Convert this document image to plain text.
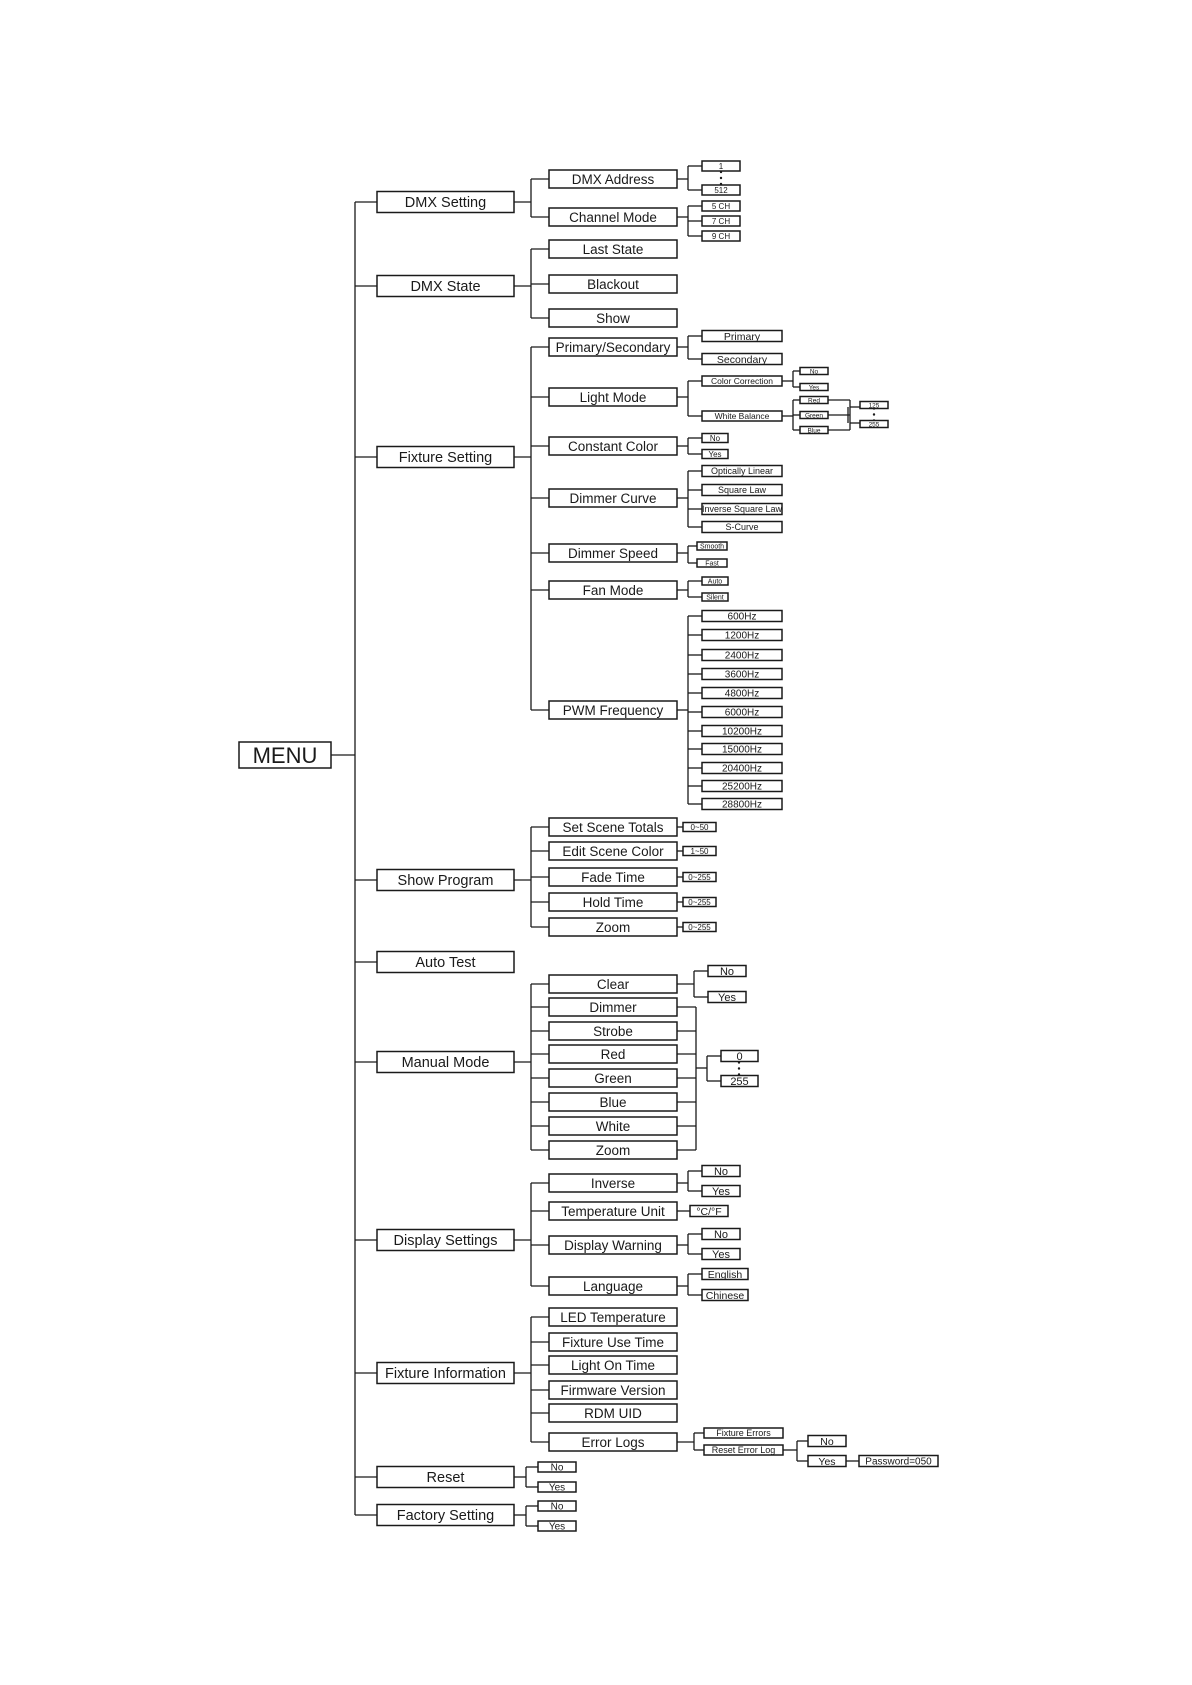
MENU
DMX Setting
DMX State
Fixture Setting
Show Program
Auto Test
Manual Mode
Display Settings
Fixture Information
Reset
Factory Setting
DMX Address
Channel Mode
1
512
5 CH
7 CH
9 CH
Last State
Blackout
Show
Primary/Secondary
Light Mode
Constant Color
Dimmer Curve
Dimmer Speed
Fan Mode
PWM Frequency
Primary
Secondary
Color Correction
White Balance
No
Yes
Red
Green
Blue
125
255
No
Yes
Optically Linear
Square Law
Inverse Square Law
S-Curve
Smooth
Fast
Auto
Silent
600Hz
1200Hz
2400Hz
3600Hz
4800Hz
6000Hz
10200Hz
15000Hz
20400Hz
25200Hz
28800Hz
Set Scene Totals
Edit Scene Color
Fade Time
Hold Time
Zoom
0~50
1~50
0~255
0~255
0~255
Clear
Dimmer
Strobe
Red
Green
Blue
White
Zoom
No
Yes
0
255
Inverse
Temperature Unit
Display Warning
Language
No
Yes
°C/°F
No
Yes
English
Chinese
LED Temperature
Fixture Use Time
Light On Time
Firmware Version
RDM UID
Error Logs
Fixture Errors
Reset Error Log
No
Yes	Password=050
No
Yes
No
Yes
